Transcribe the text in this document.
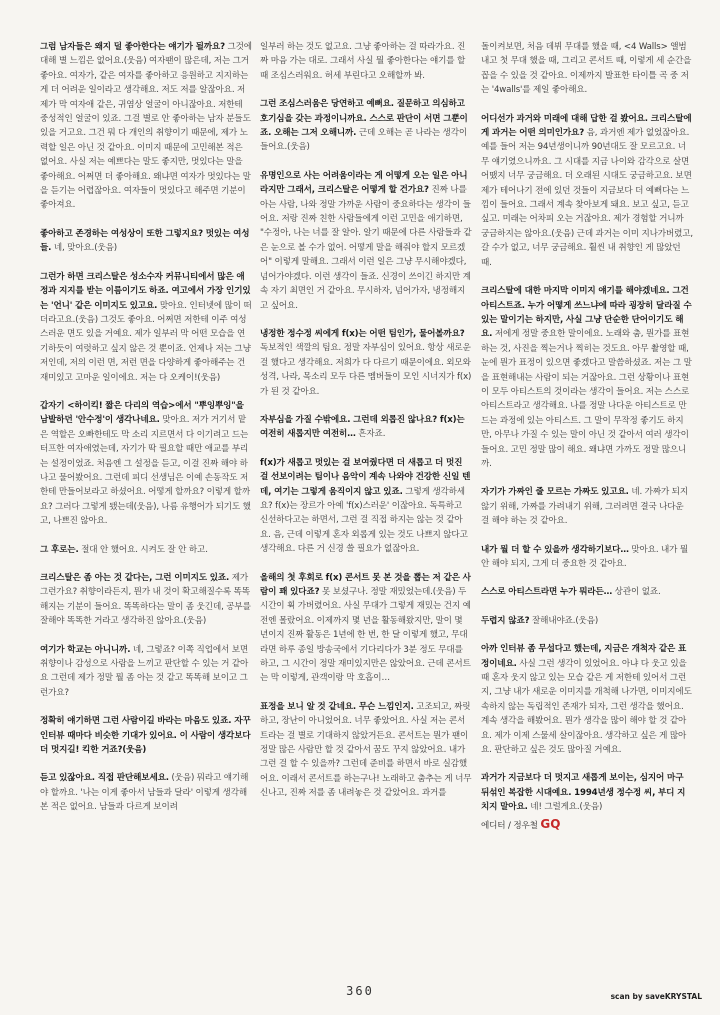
그럼 남자들은 왜지 덜 좋아한다는 얘기가 될까요? 그것에 대해 별 느낌은 없어요.(웃음) 여자팬이 많은데, 저는 그거 좋아요. 여자가, 같은 여자를 좋아하고 응원하고 지지하는 게 더 어려운 일이라고 생각해요. 저도 저를 알잖아요. 저 제가 막 여자애 같은, 귀염상 얼굴이 아니잖아요. 저한테 중성적인 얼굴이 있죠. 그걸 별로 안 좋아하는 남자 분들도 있을 거고요. 그건 뭐 다 개인의 취향이기 때문에, 제가 노력할 일은 아닌 것 같아요. 이미지 때문에 고민해본 적은 없어요. 사실 저는 예쁘다는 말도 좋지만, 멋있다는 말을 좋아해요. 어쩌면 더 좋아해요. 왜냐면 여자가 멋있다는 말을 듣기는 어렵잖아요. 여자들이 멋있다고 해주면 기분이 좋아져요.

좋아하고 존경하는 여성상이 또한 그렇지요? 멋있는 여성들. 네, 맞아요.(웃음)

그런가 하면 크리스탈은 성소수자 커뮤니티에서 많은 애정과 지지를 받는 이름이기도 하죠. 여고에서 가장 인기있는 '언니' 같은 이미지도 있고요. 맞아요. 인터넷에 많이 떠더라고요.(웃음) 그것도 좋아요. 어쩌면 저한테 이주 여성스러운 면도 있을 거예요. 제가 일부러 막 어떤 모습을 연기하듯이 여럿하고 싶지 않은 것 뿐이죠. 언제나 저는 그냥 저인데, 저의 이런 면, 저런 면을 다양하게 좋아해주는 건 재미있고 고마운 일이에요. 저는 다 오케이!(웃음)

갑자기 <하이킥! 짧은 다리의 역습>에서 "뿌잉뿌잉"을 남발하던 '안수정'이 생각나네요. 맞아요. 저가 거기서 맡은 역할은 오빠한테도 막 소리 지르면서 다 이기려고 드는 터프한 여자애였는데, 자기가 딱 필요할 때만 애교를 부리는 설정이었죠. 처음엔 그 설정을 듣고, 이걸 진짜 해야 하나고 물어봤어요. 그런데 피디 선생님은 이예 손동작도 저한테 만들어보라고 하셨어요. 어떻게 할까요? 이렇게 할까요? 그러다 그렇게 됐는데(웃음), 나름 유행어가 되기도 했고, 나쁘진 않아요.

그 후로는. 절대 안 했어요. 시켜도 잘 안 하고.

크리스탈은 좀 아는 것 같다는, 그런 이미지도 있죠. 제가 그런가요? 취향이라든지, 뭔가 내 것이 확고해질수록 똑똑해지는 기분이 들어요. 똑똑하다는 말이 좀 웃긴데, 공부를 잘해야 똑똑한 거라고 생각하진 않아요.(웃음)

여기가 학교는 아니니까. 네, 그렇죠? 이쪽 직업에서 보면 취향이나 감성으로 사람을 느끼고 판단할 수 있는 거 같아요 그런데 제가 정말 뭘 좀 아는 것 같고 똑똑해 보이고 그런가요?

정확히 얘기하면 그런 사람이길 바라는 마음도 있죠. 자꾸 인터뷰 때마다 비슷한 기대가 있어요. 이 사람이 생각보다 더 멋지길! 킥한 거죠?(웃음)

듣고 있잖아요. 직접 판단해보세요. (웃음) 뭐라고 얘기해야 할까요. '나는 이게 좋아서 남들과 달라' 이렇게 생각해본 적은 없어요. 남들과 다르게 보이려

일부러 하는 것도 없고요. 그냥 좋아하는 걸 따라가요. 진짜 마음 가는 대로. 그래서 사실 뭘 좋아한다는 얘기를 할 때 조심스러워요. 허세 부린다고 오해할까 봐.

그런 조심스러움은 당연하고 예뻐요. 질문하고 의심하고 호기심을 갖는 과정이니까요. 스스로 판단이 서면 그뿐이죠. 오해는 그저 오해니까. 근데 오해는 곧 나라는 생각이 들어요.(웃음)

유명인으로 사는 어려움이라는 게 어떻게 오는 일은 아니라지만 그래서, 크리스탈은 어떻게 할 건가요? 진짜 나를 아는 사람, 나와 정말 가까운 사람이 중요하다는 생각이 들어요. 저랑 진짜 친한 사람들에게 이런 고민을 애기하면, "수정아, 나는 너를 잘 알아. 알기 때문에 다른 사람들과 같은 눈으로 볼 수가 없어. 어떻게 말을 해줘야 할지 모르겠어" 이렇게 말해요. 그래서 이런 일은 그냥 무시해야겠다, 넘어가야겠다. 이런 생각이 들죠. 신경이 쓰이긴 하지만 계속 자기 최면인 거 같아요. 무시하자, 넘어가자, 냉정해지고 싶어요.

냉정한 정수정 씨에게 f(x)는 어떤 팀인가, 물어볼까요? 독보적인 색깔의 팀요. 정말 자부심이 있어요. 항상 새로운 걸 했다고 생각해요. 저희가 다 다르기 때문이에요. 외모와 성격, 나라, 목소리 모두 다른 멤버들이 모인 시너지가 f(x)가 된 것 같아요.

자부심을 가질 수밖에요. 그런데 외롭진 않나요? f(x)는 여전히 새롭지만 여전히… 흔자죠.

f(x)가 새롭고 멋있는 걸 보여줬다면 더 새롭고 더 멋진 걸 선보이려는 팀이나 음악이 계속 나와야 건강한 신일 텐데, 여기는 그렇게 움직이지 않고 있죠. 그렇게 생각하세요? f(x)는 장르가 아예 'f(x)스러운' 이잖아요. 독특하고 신선하다고는 하면서, 그런 걸 직접 하지는 않는 것 같아요. 음, 근데 이렇게 혼자 외롭게 있는 것도 나쁘지 않다고 생각해요. 다른 거 신경 쓸 필요가 없잖아요.

올해의 첫 후회로 f(x) 콘서트 못 본 것을 뽑는 저 같은 사람이 꽤 있다죠? 못 보셨구나. 정말 재밌었는데.(웃음) 두 시간이 휙 가버렸어요. 사실 무대가 그렇게 재밌는 건지 예전엔 몰랐어요. 이제까지 몇 년을 활동해왔지만, 말이 몇 년이지 진짜 활동은 1년에 한 번, 한 달 이렇게 했고, 무대라면 하루 종일 방송국에서 기다리다가 3분 정도 무대를 하고, 그 시간이 정말 재미있지만은 않았어요. 근데 콘서트는 막 이렇게, 관객이랑 막 호흡이…

표정을 보니 알 것 같네요. 무슨 느낌인지. 고조되고, 짜릿하고, 장난이 아니었어요. 너무 좋았어요. 사실 저는 콘서트라는 걸 별로 기대하지 않았거든요. 콘서트는 뭔가 팬이 정말 많은 사람만 할 것 같아서 꿈도 꾸지 않았어요. 내가 그런 걸 할 수 있을까? 그런데 준비를 하면서 바로 실감했어요. 이래서 콘서트를 하는구나! 노래하고 춤추는 게 너무 신나고, 진짜 저를 좀 내려놓은 것 같았어요. 과거를

돌이켜보면, 처음 데뷔 무대를 했을 때, <4 Walls> 앨범 내고 첫 무대 했을 때, 그리고 콘서트 때, 이렇게 세 순간을 꼽을 수 있을 것 같아요. 이제까지 발표한 타이틀 곡 중 저는 '4walls'를 제일 좋아해요.

어디선가 과거와 미래에 대해 답한 걸 봤어요. 크리스탈에게 과거는 어떤 의미인가요? 음, 과거엔 제가 없었잖아요. 예를 들어 저는 94년생이니까 90년대도 잘 모르고요. 너무 얘기였으니까요. 그 시대를 지금 나이와 감각으로 살면 어땠지 너무 궁금해요. 더 오래된 시대도 궁금하고요. 보면 제가 테어나기 전에 있던 것들이 지금보다 더 예뻐다는 느낌이 들어요. 그래서 계속 찾아보게 돼요. 보고 싶고, 듣고 싶고. 미래는 어차피 오는 거잖아요. 제가 경험할 거니까 궁금하지는 않아요.(웃음) 근데 과거는 이미 지나가버렸고, 갈 수가 없고, 너무 궁금해요. 훨씬 내 취향인 게 많았던 때.

크리스탈에 대한 마지막 이미지 얘기를 해야겠네요. 그건 아티스트죠. 누가 어떻게 쓰느냐에 따라 굉장히 달라질 수 있는 말이기는 하지만, 사실 그냥 단순한 단어이기도 해요. 저에게 정말 중요한 말이에요. 노래와 춤, 뭔가를 표현하는 것, 사진을 찍는거나 찍히는 것도요. 아무 촬영할 때, 눈에 뭔가 표정이 있으면 좋겠다고 말씀하셨죠. 저는 그 말을 표현해내는 사람이 되는 거잖아요. 그런 상황이나 표현이 모두 아티스트의 것이라는 생각이 들어요. 저는 스스로 아티스트라고 생각해요. 나를 정말 나다운 아티스트로 만드는 과정에 있는 아티스트. 그 말이 무작정 좋기도 하지만, 아무나 가질 수 있는 말이 아닌 것 같아서 여러 생각이 들어요. 고민 정말 많이 해요. 왜냐면 가까도 정말 많으니까.

자기가 가짜인 줄 모르는 가짜도 있고요. 네. 가짜가 되지 않기 위해, 가짜를 가려내기 위해, 그러려면 결국 나다운 걸 해야 하는 것 같아요.

내가 뭘 더 할 수 있을까 생각하기보다… 맞아요. 내가 뭘 안 해야 되지, 그게 더 중요한 것 같아요.

스스로 아티스트라면 누가 뭐라든… 상관이 없죠.

두렵지 않죠? 잘해내야죠.(웃음)

아까 인터뷰 좀 무섭다고 했는데, 지금은 개척자 같은 표정이네요. 사실 그런 생각이 있었어요. 아냐 다 웃고 있을 때 혼자 웃지 않고 있는 모습 같은 게 저한테 있어서 그런지, 그냥 내가 새로운 이미지를 개척해 나가면, 이미지에도 속하지 않는 독립적인 존재가 되자, 그런 생각을 했어요. 계속 생각을 해봤어요. 뭔가 생각을 많이 해야 할 것 같아요. 제가 이제 스물세 살이잖아요. 생각하고 싶은 게 많아요. 판단하고 싶은 것도 많아질 거예요.

과거가 지금보다 더 멋지고 새롭게 보이는, 심지어 마구 뒤섞인 복잡한 시대예요. 1994년생 정수정 씨, 부디 지치지 말아요. 네! 그럴게요.(웃음)

에디터 / 정우철 GQ
360	scan by saveKRYSTAL
